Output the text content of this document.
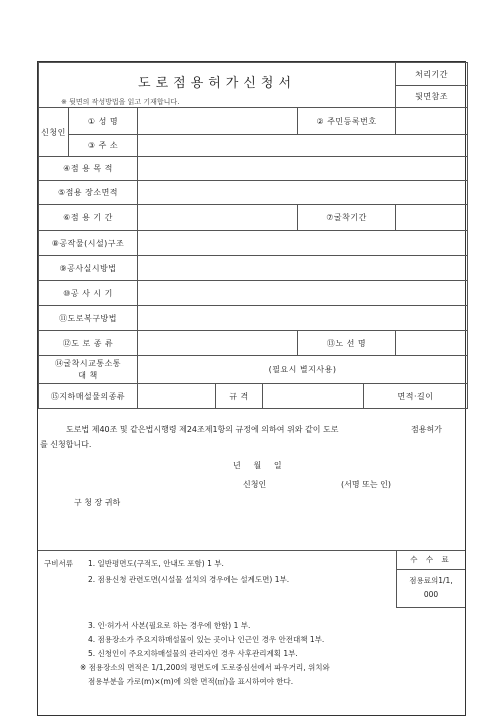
도로점용허가신청서
※ 뒷면의 작성방법을 읽고 기재합니다.							처리기간
							뒷면참조
신청인	① 성 명				② 주민등록번호		
	③ 주 소						
④점 용 목 적							
⑤점용 장소면적							
⑥점 용 기 간					⑦굴착기간		
⑧공작물(시설)구조							
⑨공사실시방법							
⑩공 사 시 기							
⑪도로복구방법							
⑫도 로 종 류					⑬노 선 명		

⑭굴착시교통소통
대 책		(필요시 별지사용)					
⑮지하매설물의종류			규 격			면적·길이	
도로법 제40조 및 같은법시행령 제24조제1항의 규정에 의하여 위와 같이 도로	점용허가
를 신청합니다.
년     월     일
신청인	(서명 또는 인)
구 청 장 귀하
구비서류 1. 일반평면도(구적도, 안내도 포함) 1 부.
2. 점용신청 관련도면(시설물 설치의 경우에는 설계도면) 1부.
3. 인·허가서 사본(필요로 하는 경우에 한함) 1 부.
4. 점용장소가 주요지하매설물이 있는 곳이나 인근인 경우 안전대책 1부.
5. 신청인이 주요지하매설물의 관리자인 경우 사후관리계획 1부.
※ 점용장소의 면적은 1/1,200의 평면도에 도로중심선에서 파우거리, 위치와
점용부분을 가로(m)×(m)에 의한 면적(㎡)을 표시하여야 한다.
수 수 료
점용료의1/1,
000
